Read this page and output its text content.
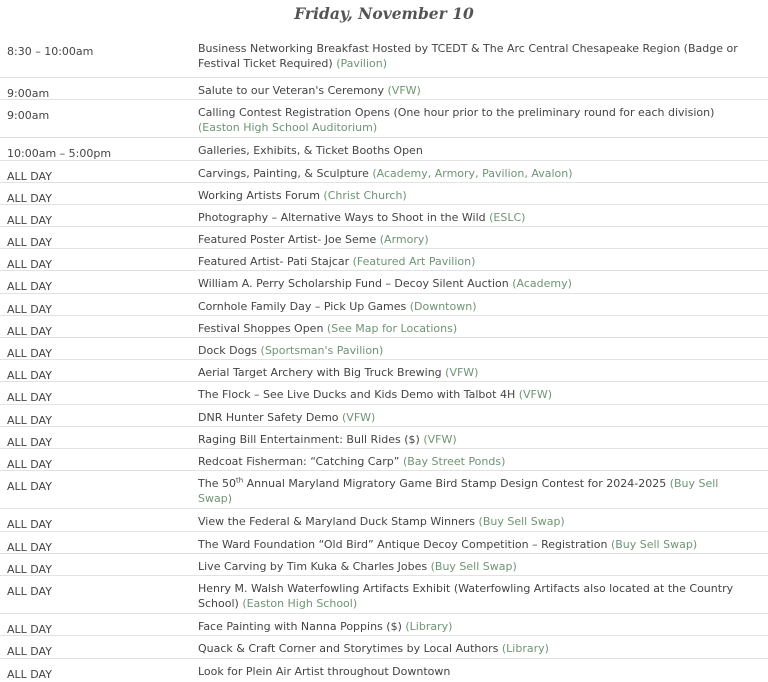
Friday, November 10
8:30 – 10:00am	Business Networking Breakfast Hosted by TCEDT & The Arc Central Chesapeake Region (Badge or Festival Ticket Required) (Pavilion)
9:00am	Salute to our Veteran's Ceremony (VFW)
9:00am	Calling Contest Registration Opens (One hour prior to the preliminary round for each division) (Easton High School Auditorium)
10:00am – 5:00pm	Galleries, Exhibits, & Ticket Booths Open
ALL DAY	Carvings, Painting, & Sculpture (Academy, Armory, Pavilion, Avalon)
ALL DAY	Working Artists Forum (Christ Church)
ALL DAY	Photography – Alternative Ways to Shoot in the Wild (ESLC)
ALL DAY	Featured Poster Artist- Joe Seme (Armory)
ALL DAY	Featured Artist- Pati Stajcar (Featured Art Pavilion)
ALL DAY	William A. Perry Scholarship Fund – Decoy Silent Auction (Academy)
ALL DAY	Cornhole Family Day – Pick Up Games (Downtown)
ALL DAY	Festival Shoppes Open (See Map for Locations)
ALL DAY	Dock Dogs (Sportsman's Pavilion)
ALL DAY	Aerial Target Archery with Big Truck Brewing (VFW)
ALL DAY	The Flock – See Live Ducks and Kids Demo with Talbot 4H (VFW)
ALL DAY	DNR Hunter Safety Demo (VFW)
ALL DAY	Raging Bill Entertainment: Bull Rides ($) (VFW)
ALL DAY	Redcoat Fisherman: “Catching Carp” (Bay Street Ponds)
ALL DAY	The 50th Annual Maryland Migratory Game Bird Stamp Design Contest for 2024-2025 (Buy Sell Swap)
ALL DAY	View the Federal & Maryland Duck Stamp Winners (Buy Sell Swap)
ALL DAY	The Ward Foundation “Old Bird” Antique Decoy Competition – Registration (Buy Sell Swap)
ALL DAY	Live Carving by Tim Kuka & Charles Jobes (Buy Sell Swap)
ALL DAY	Henry M. Walsh Waterfowling Artifacts Exhibit (Waterfowling Artifacts also located at the Country School) (Easton High School)
ALL DAY	Face Painting with Nanna Poppins ($) (Library)
ALL DAY	Quack & Craft Corner and Storytimes by Local Authors (Library)
ALL DAY	Look for Plein Air Artist throughout Downtown
